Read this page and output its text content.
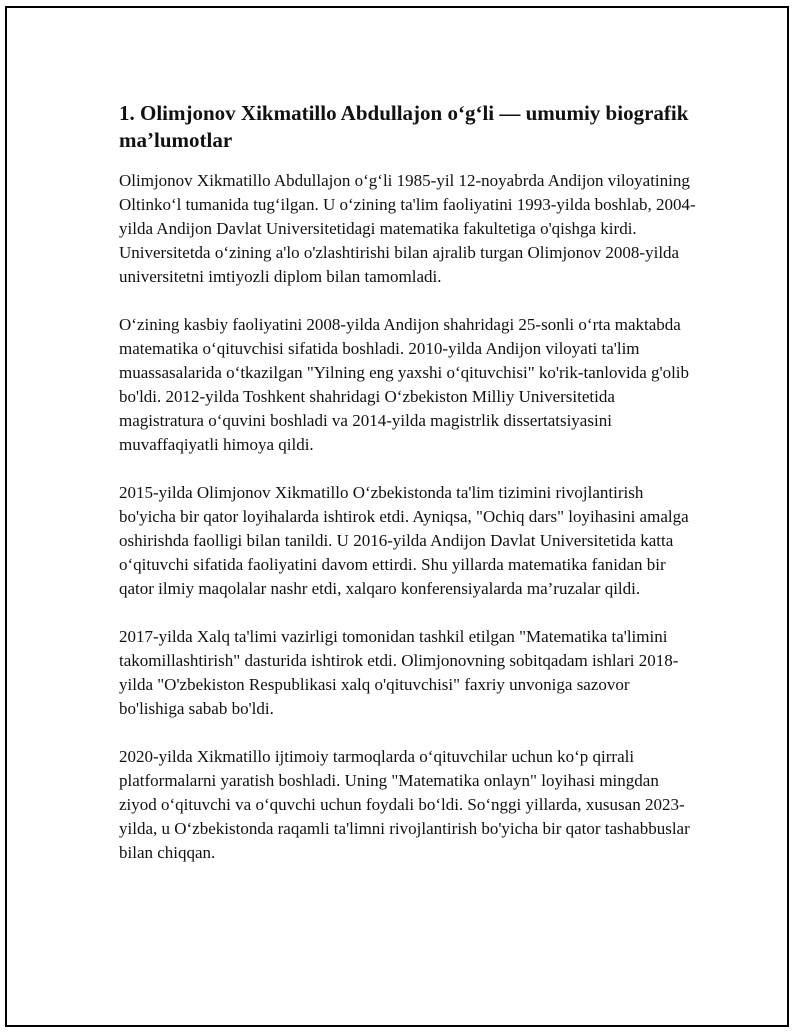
1. Olimjonov Xikmatillo Abdullajon o‘g‘li — umumiy biografik ma’lumotlar

Olimjonov Xikmatillo Abdullajon o‘g‘li 1985-yil 12-noyabrda Andijon viloyatining Oltinko‘l tumanida tug‘ilgan. U o‘zining ta'lim faoliyatini 1993-yilda boshlab, 2004-yilda Andijon Davlat Universitetidagi matematika fakultetiga o'qishga kirdi. Universitetda o‘zining a'lo o'zlashtirishi bilan ajralib turgan Olimjonov 2008-yilda universitetni imtiyozli diplom bilan tamomladi.

O‘zining kasbiy faoliyatini 2008-yilda Andijon shahridagi 25-sonli o‘rta maktabda matematika o‘qituvchisi sifatida boshladi. 2010-yilda Andijon viloyati ta'lim muassasalarida o‘tkazilgan "Yilning eng yaxshi o‘qituvchisi" ko'rik-tanlovida g'olib bo'ldi. 2012-yilda Toshkent shahridagi O‘zbekiston Milliy Universitetida magistratura o‘quvini boshladi va 2014-yilda magistrlik dissertatsiyasini muvaffaqiyatli himoya qildi.

2015-yilda Olimjonov Xikmatillo O‘zbekistonda ta'lim tizimini rivojlantirish bo'yicha bir qator loyihalarda ishtirok etdi. Ayniqsa, "Ochiq dars" loyihasini amalga oshirishda faolligi bilan tanildi. U 2016-yilda Andijon Davlat Universitetida katta o‘qituvchi sifatida faoliyatini davom ettirdi. Shu yillarda matematika fanidan bir qator ilmiy maqolalar nashr etdi, xalqaro konferensiyalarda ma’ruzalar qildi.

2017-yilda Xalq ta'limi vazirligi tomonidan tashkil etilgan "Matematika ta'limini takomillashtirish" dasturida ishtirok etdi. Olimjonovning sobitqadam ishlari 2018-yilda "O'zbekiston Respublikasi xalq o'qituvchisi" faxriy unvoniga sazovor bo'lishiga sabab bo'ldi.

2020-yilda Xikmatillo ijtimoiy tarmoqlarda o‘qituvchilar uchun ko‘p qirrali platformalarni yaratish boshladi. Uning "Matematika onlayn" loyihasi mingdan ziyod o‘qituvchi va o‘quvchi uchun foydali bo‘ldi. So‘nggi yillarda, xususan 2023-yilda, u O‘zbekistonda raqamli ta'limni rivojlantirish bo'yicha bir qator tashabbuslar bilan chiqqan.
